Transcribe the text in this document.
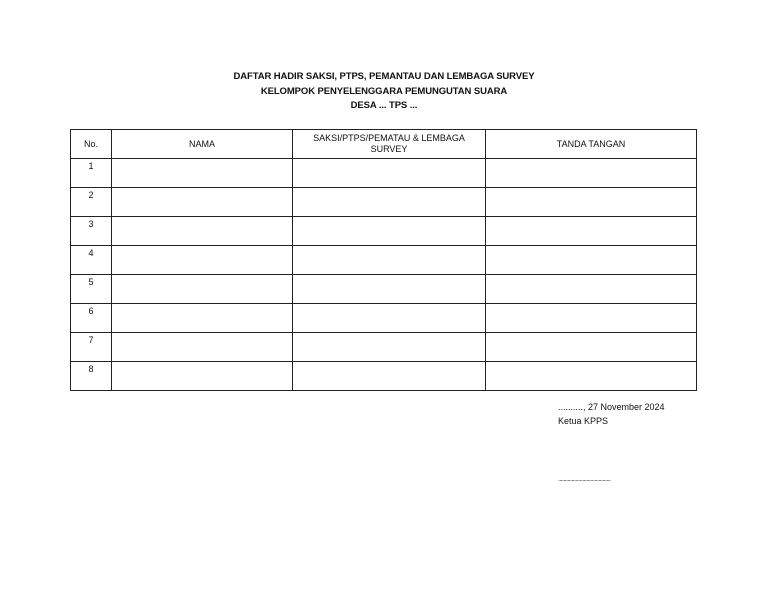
DAFTAR HADIR SAKSI, PTPS, PEMANTAU DAN LEMBAGA SURVEY
KELOMPOK PENYELENGGARA PEMUNGUTAN SUARA
DESA ... TPS ...
No.	NAMA	SAKSI/PTPS/PEMATAU & LEMBAGA SURVEY	TANDA TANGAN
1			
2			
3			
4			
5			
6			
7			
8			
.........., 27 November 2024
Ketua KPPS
.......................................
